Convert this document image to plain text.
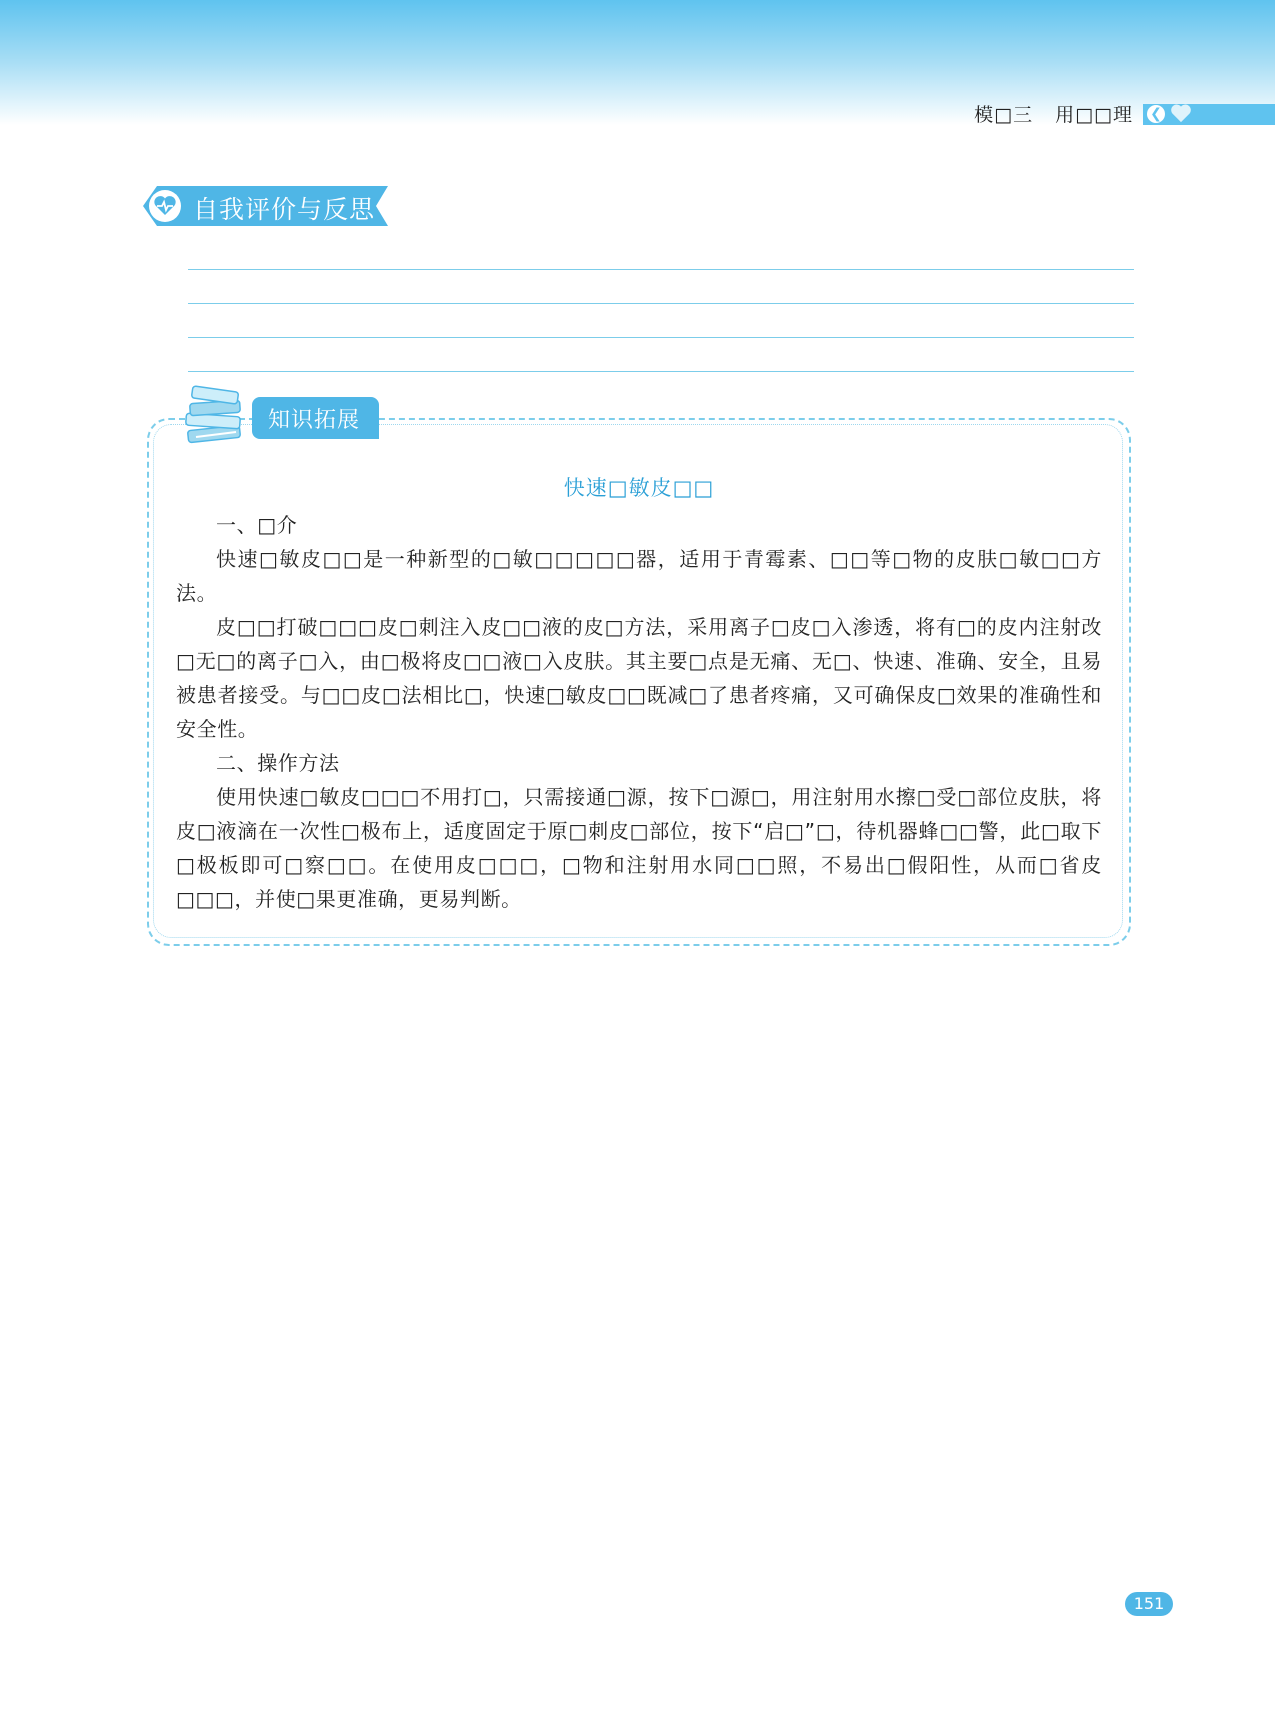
模□三 用□□理 ❮
自我评价与反思
知识拓展
快速□敏皮□□

一、□介

快速□敏皮□□是一种新型的□敏□□□□□器，适用于青霉素、□□等□物的皮肤□敏□□方法。

皮□□打破□□□皮□刺注入皮□□液的皮□方法，采用离子□皮□入渗透，将有□的皮内注射改□无□的离子□入，由□极将皮□□液□入皮肤。其主要□点是无痛、无□、快速、准确、安全，且易被患者接受。与□□皮□法相比□，快速□敏皮□□既减□了患者疼痛，又可确保皮□效果的准确性和安全性。

二、操作方法

使用快速□敏皮□□□不用打□，只需接通□源，按下□源□，用注射用水擦□受□部位皮肤，将皮□液滴在一次性□极布上，适度固定于原□刺皮□部位，按下“启□”□，待机器蜂□□警，此□取下□极板即可□察□□。在使用皮□□□，□物和注射用水同□□照，不易出□假阳性，从而□省皮□□□，并使□果更准确，更易判断。

151
